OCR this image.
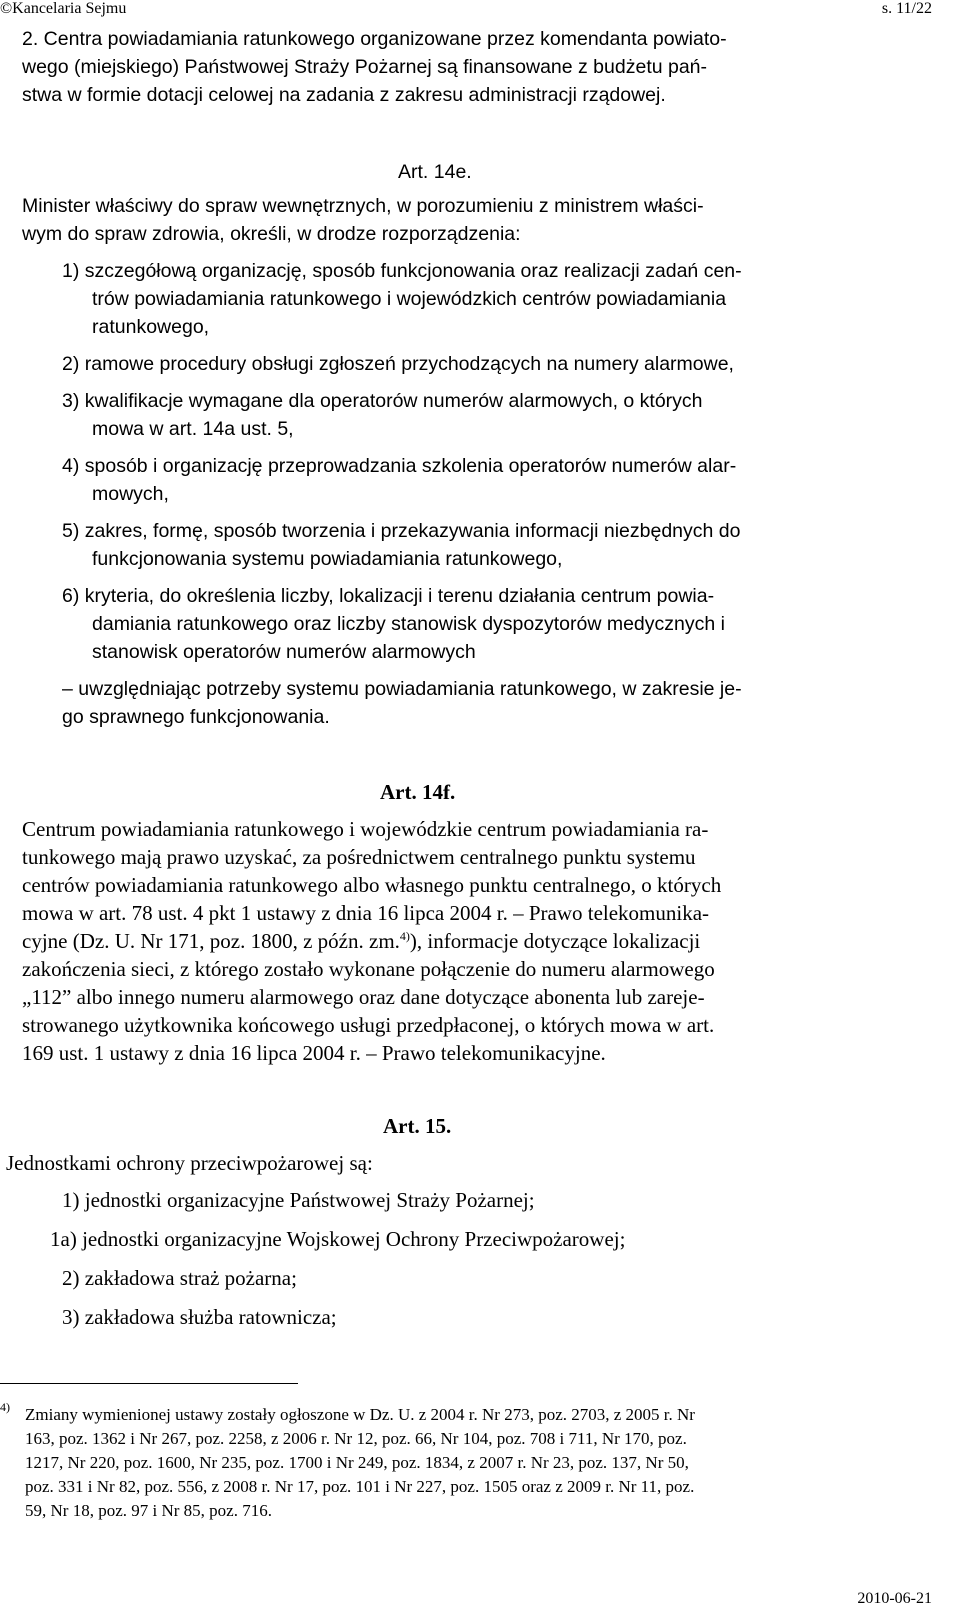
©Kancelaria Sejmu	s. 11/22
2. Centra powiadamiania ratunkowego organizowane przez komendanta powiato-
wego (miejskiego) Państwowej Straży Pożarnej są finansowane z budżetu pań-
stwa w formie dotacji celowej na zadania z zakresu administracji rządowej.
Art. 14e.
Minister właściwy do spraw wewnętrznych, w porozumieniu z ministrem właści-
wym do spraw zdrowia, określi, w drodze rozporządzenia:
1) szczegółową organizację, sposób funkcjonowania oraz realizacji zadań cen-
trów powiadamiania ratunkowego i wojewódzkich centrów powiadamiania
ratunkowego,
2) ramowe procedury obsługi zgłoszeń przychodzących na numery alarmowe,
3) kwalifikacje wymagane dla operatorów numerów alarmowych, o których
mowa w art. 14a ust. 5,
4) sposób i organizację przeprowadzania szkolenia operatorów numerów alar-
mowych,
5) zakres, formę, sposób tworzenia i przekazywania informacji niezbędnych do
funkcjonowania systemu powiadamiania ratunkowego,
6) kryteria, do określenia liczby, lokalizacji i terenu działania centrum powia-
damiania ratunkowego oraz liczby stanowisk dyspozytorów medycznych i
stanowisk operatorów numerów alarmowych
– uwzględniając potrzeby systemu powiadamiania ratunkowego, w zakresie je-
go sprawnego funkcjonowania.
Art. 14f.
Centrum powiadamiania ratunkowego i wojewódzkie centrum powiadamiania ra-
tunkowego mają prawo uzyskać, za pośrednictwem centralnego punktu systemu
centrów powiadamiania ratunkowego albo własnego punktu centralnego, o których
mowa w art. 78 ust. 4 pkt 1 ustawy z dnia 16 lipca 2004 r. – Prawo telekomunika-
cyjne (Dz. U. Nr 171, poz. 1800, z późn. zm.$^{4)}$), informacje dotyczące lokalizacji
zakończenia sieci, z którego zostało wykonane połączenie do numeru alarmowego
„112” albo innego numeru alarmowego oraz dane dotyczące abonenta lub zareje-
strowanego użytkownika końcowego usługi przedpłaconej, o których mowa w art.
169 ust. 1 ustawy z dnia 16 lipca 2004 r. – Prawo telekomunikacyjne.
Art. 15.
Jednostkami ochrony przeciwpożarowej są:
1) jednostki organizacyjne Państwowej Straży Pożarnej;
1a) jednostki organizacyjne Wojskowej Ochrony Przeciwpożarowej;
2) zakładowa straż pożarna;
3) zakładowa służba ratownicza;
4) Zmiany wymienionej ustawy zostały ogłoszone w Dz. U. z 2004 r. Nr 273, poz. 2703, z 2005 r. Nr
163, poz. 1362 i Nr 267, poz. 2258, z 2006 r. Nr 12, poz. 66, Nr 104, poz. 708 i 711, Nr 170, poz.
1217, Nr 220, poz. 1600, Nr 235, poz. 1700 i Nr 249, poz. 1834, z 2007 r. Nr 23, poz. 137, Nr 50,
poz. 331 i Nr 82, poz. 556, z 2008 r. Nr 17, poz. 101 i Nr 227, poz. 1505 oraz z 2009 r. Nr 11, poz.
59, Nr 18, poz. 97 i Nr 85, poz. 716.
2010-06-21
